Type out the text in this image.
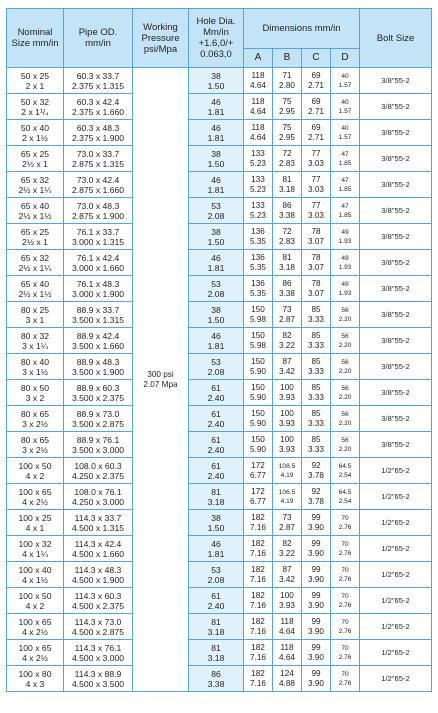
Nominal
Size mm/in	Pipe OD.
mm/in	Working
Pressure
psi/Mpa	Hole Dia.
Mm/in
+1.6,0/+
0.063,0	Dimensions mm/in				Bolt Size
				A	B	C	D	

50 x 25
2 x 1	60.3 x 33.7
2.375 x 1.315	300 psi
2.07 Mpa	38
1.50	118
4.64	71
2.80	69
2.71	40
1.57	3/8"55-2

50 x 32
2 x 1¹/₄	60.3 x 42.4
2.375 x 1.660		46
1.81	118
4.64	75
2.95	69
2.71	40
1.57	3/8"55-2

50 x 40
2 x 1½	60.3 x 48.3
2.375 x 1.900		46
1.81	118
4.64	75
2.95	69
2.71	40
1.57	3/8"55-2

65 x 25
2½ x 1	73.0 x 33.7
2.875 x 1.315		38
1.50	133
5.23	72
2.83	77
3.03	47
1.85	3/8"55-2

65 x 32
2½ x 1¼	73.0 x 42.4
2.875 x 1.660		46
1.81	133
5.23	81
3.18	77
3.03	47
1.85	3/8"55-2

65 x 40
2½ x 1½	73.0 x 48.3
2.875 x 1.900		53
2.08	133
5.23	86
3.38	77
3.03	47
1.85	3/8"55-2

65 x 25
2½ x 1	76.1 x 33.7
3.000 x 1.315		38
1.50	136
5.35	72
2.83	78
3.07	49
1.93	3/8"55-2

65 x 32
2½ x 1¼	76.1 x 42.4
3.000 x 1.660		46
1.81	136
5.35	81
3.18	78
3.07	49
1.93	3/8"55-2

65 x 40
2½ x 1½	76.1 x 48.3
3.000 x 1.900		53
2.08	136
5.35	86
3.38	78
3.07	49
1.93	3/8"55-2

80 x 25
3 x 1	88.9 x 33.7
3.500 x 1.315		38
1.50	150
5.98	73
2.87	85
3.33	56
2.20	3/8"55-2

80 x 32
3 x 1¼	88.9 x 42.4
3.500 x 1.660		46
1.81	150
5.98	82
3.22	85
3.33	56
2.20	3/8"55-2

80 x 40
3 x 1½	88.9 x 48.3
3.500 x 1.900		53
2.08	150
5.90	87
3.42	85
3.33	56
2.20	3/8"55-2

80 x 50
3 x 2	88.9 x 60.3
3.500 x 2.375		61
2.40	150
5.90	100
3.93	85
3.33	56
2.20	3/8"55-2

80 x 65
3 x 2½	88.9 x 73.0
3.500 x 2.875		61
2.40	150
5.90	100
3.93	85
3.33	56
2.20	3/8"55-2

80 x 65
3 x 2½	88.9 x 76.1
3.500 x 3.000		61
2.40	150
5.90	100
3.93	85
3.33	56
2.20	3/8"55-2

100 x 50
4 x 2	108.0 x 60.3
4.250 x 2.375		61
2.40	172
6.77	108.5
4.19	92
3.78	64.5
2.54	1/2"65-2

100 x 65
4 x 2½	108.0 x 76.1
4.250 x 3.000		81
3.18	172
6.77	106.5
4.19	92
3.78	64.5
2.54	1/2"65-2

100 x 25
4 x 1	114.3 x 33.7
4.500 x 1.315		38
1.50	182
7.16	73
2.87	99
3.90	70
2.76	1/2"65-2

100 x 32
4 x 1¼	114.3 x 42.4
4.500 x 1.660		46
1.81	182
7.16	82
3.22	99
3.90	70
2.76	1/2"65-2

100 x 40
4 x 1½	114.3 x 48.3
4.500 x 1.900		53
2.08	182
7.16	87
3.42	99
3.90	70
2.76	1/2"65-2

100 x 50
4 x 2	114.3 x 60.3
4.500 x 2.375		61
2.40	182
7.16	100
3.93	99
3.90	70
2.76	1/2"65-2

100 x 65
4 x 2½	114.3 x 73.0
4.500 x 2.875		81
3.18	182
7.16	118
4.64	99
3.90	70
2.76	1/2"65-2

100 x 65
4 x 2½	114.3 x 76.1
4.500 x 3.000		81
3.18	182
7.16	118
4.64	99
3.90	70
2.76	1/2"65-2

100 x 80
4 x 3	114.3 x 88.9
4.500 x 3.500		86
3.38	182
7.16	124
4.88	99
3.90	70
2.76	1/2"65-2
